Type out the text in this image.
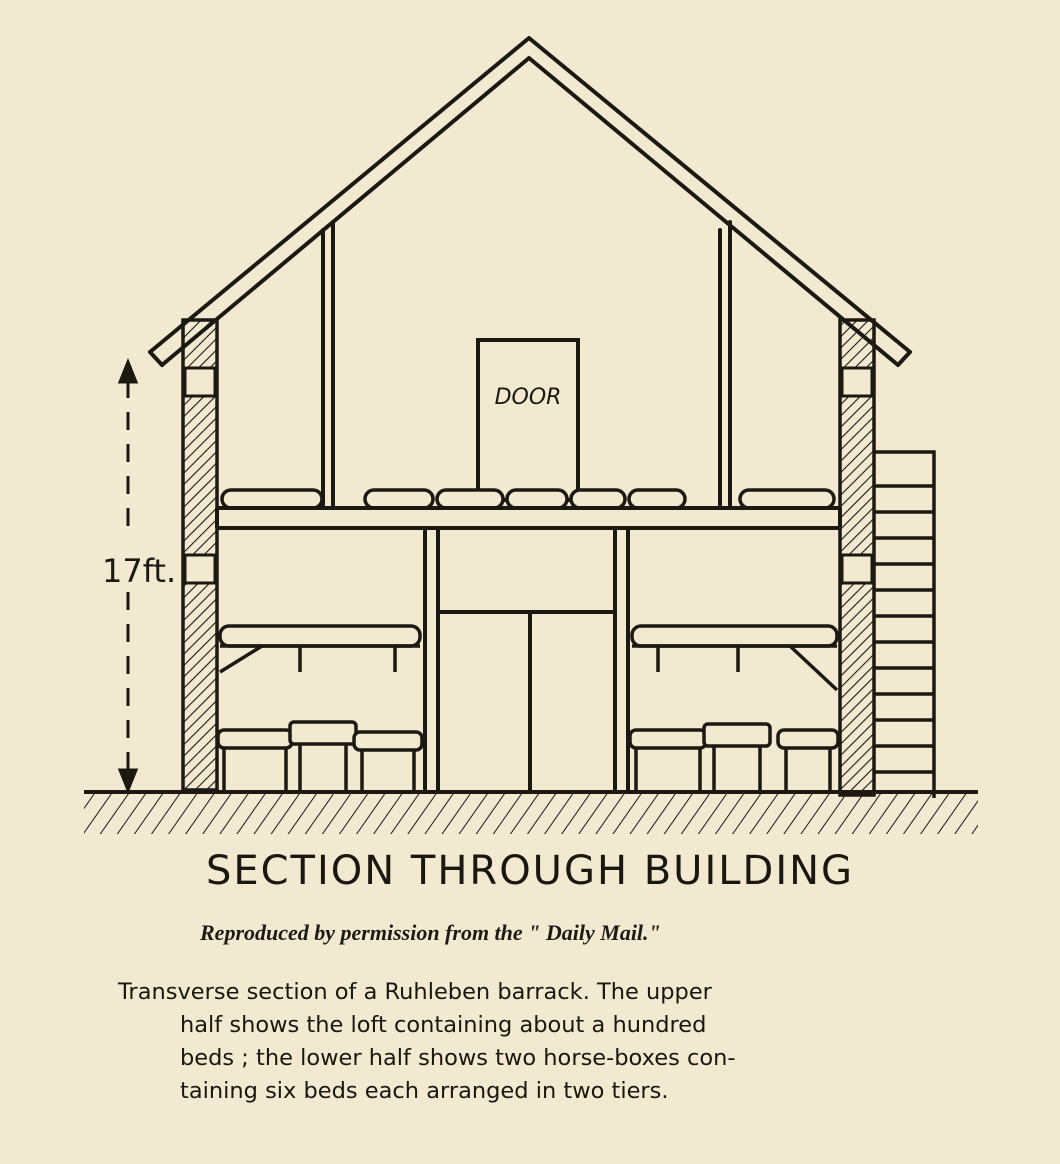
DOOR
17ft.
SECTION THROUGH BUILDING
Reproduced by permission from the " Daily Mail."
Transverse section of a Ruhleben barrack. The upper
half shows the loft containing about a hundred
beds ; the lower half shows two horse-boxes con-
taining six beds each arranged in two tiers.
